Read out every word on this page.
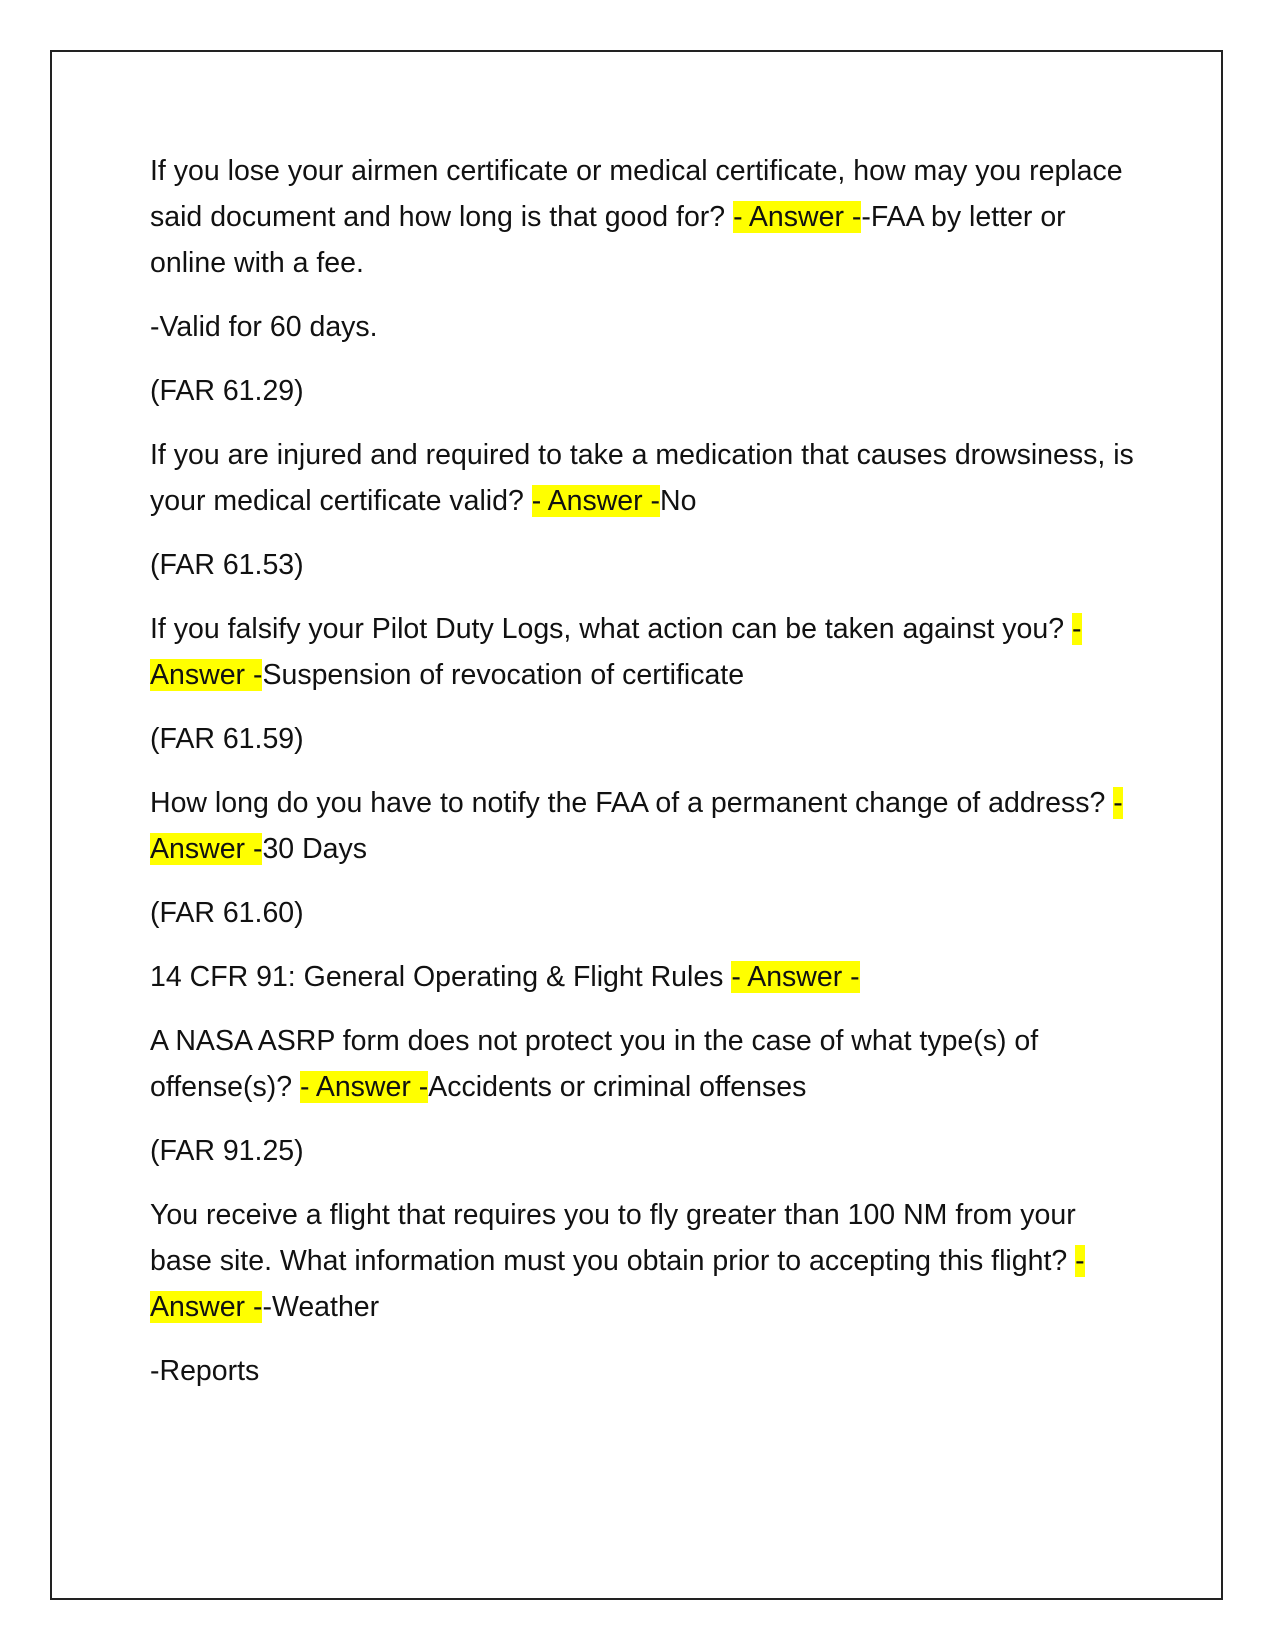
If you lose your airmen certificate or medical certificate, how may you replace said document and how long is that good for? - Answer --FAA by letter or online with a fee.

-Valid for 60 days.

(FAR 61.29)

If you are injured and required to take a medication that causes drowsiness, is your medical certificate valid? - Answer -No

(FAR 61.53)

If you falsify your Pilot Duty Logs, what action can be taken against you? - Answer -Suspension of revocation of certificate

(FAR 61.59)

How long do you have to notify the FAA of a permanent change of address? - Answer -30 Days

(FAR 61.60)

14 CFR 91: General Operating & Flight Rules - Answer -

A NASA ASRP form does not protect you in the case of what type(s) of offense(s)? - Answer -Accidents or criminal offenses

(FAR 91.25)

You receive a flight that requires you to fly greater than 100 NM from your base site. What information must you obtain prior to accepting this flight? - Answer --Weather

-Reports
